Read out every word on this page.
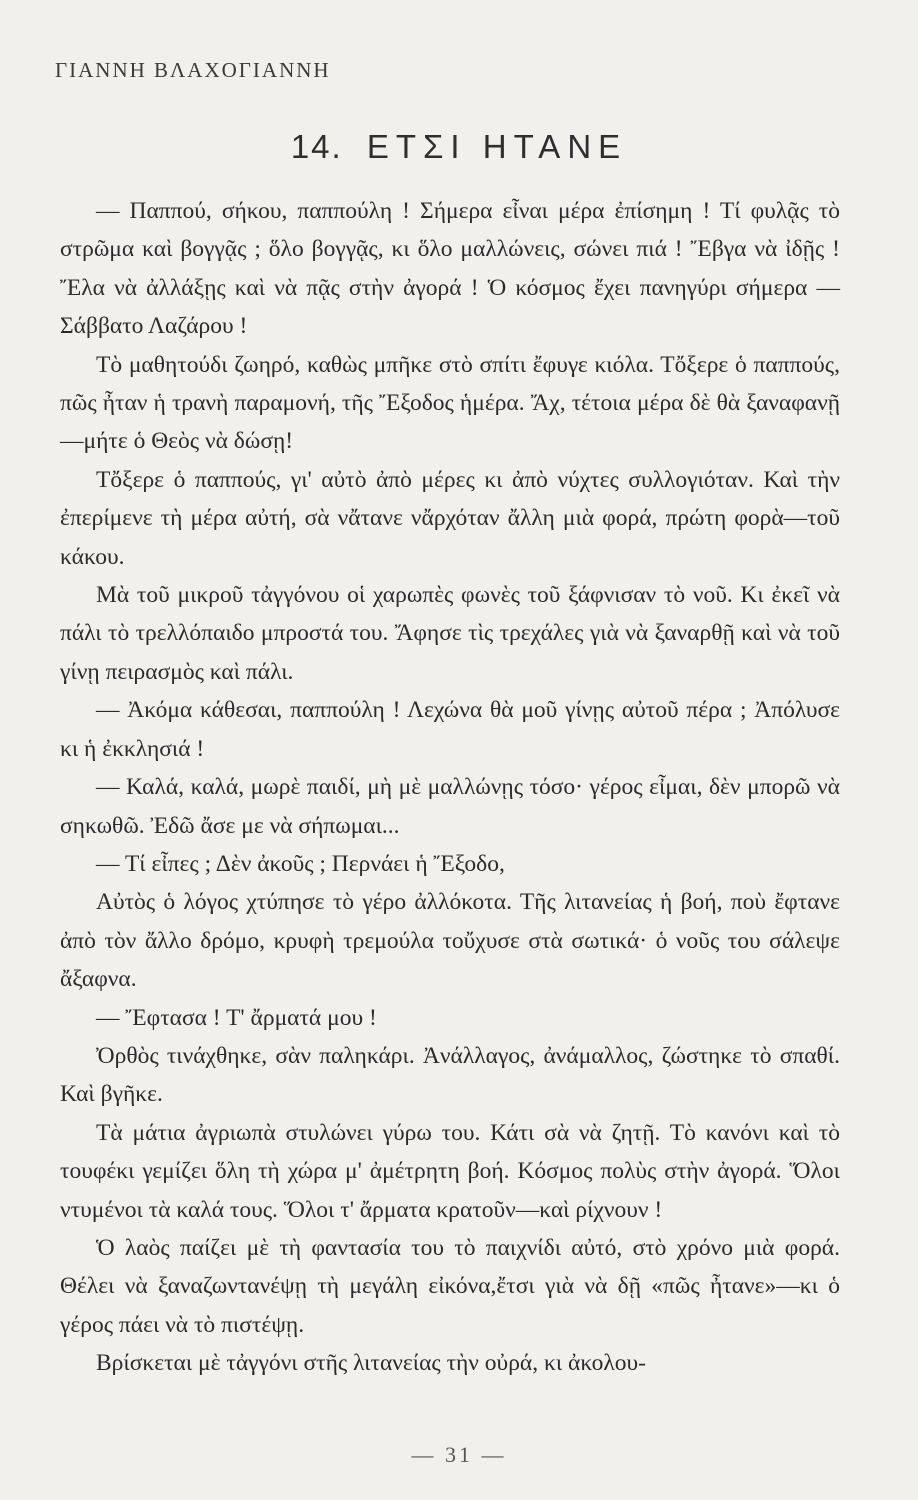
ΓΙΑΝΝΗ ΒΛΑΧΟΓΙΑΝΝΗ
14. ΕΤΣΙ ΗΤΑΝΕ

— Παππού, σήκου, παππούλη ! Σήμερα εἶναι μέρα ἐπίσημη ! Τί φυλᾷς τὸ στρῶμα καὶ βογγᾷς ; ὅλο βογγᾷς, κι ὅλο μαλλώνεις, σώνει πιά ! Ἔβγα νὰ ἰδῇς ! Ἔλα νὰ ἀλλάξῃς καὶ νὰ πᾷς στὴν ἀγορά ! Ὁ κόσμος ἔχει πανηγύρι σήμερα — Σάββατο Λαζάρου !

Τὸ μαθητούδι ζωηρό, καθὼς μπῆκε στὸ σπίτι ἔφυγε κιόλα. Τὄξερε ὁ παππούς, πῶς ἦταν ἡ τρανὴ παραμονή, τῆς Ἔξοδος ἡμέρα. Ἄχ, τέτοια μέρα δὲ θὰ ξαναφανῇ—μήτε ὁ Θεὸς νὰ δώσῃ!

Τὄξερε ὁ παππούς, γι' αὐτὸ ἀπὸ μέρες κι ἀπὸ νύχτες συλλογιόταν. Καὶ τὴν ἐπερίμενε τὴ μέρα αὐτή, σὰ νἄτανε νἄρχόταν ἄλλη μιὰ φορά, πρώτη φορὰ—τοῦ κάκου.

Μὰ τοῦ μικροῦ τἀγγόνου οἱ χαρωπὲς φωνὲς τοῦ ξάφνισαν τὸ νοῦ. Κι ἐκεῖ νὰ πάλι τὸ τρελλόπαιδο μπροστά του. Ἄφησε τὶς τρεχάλες γιὰ νὰ ξαναρθῇ καὶ νὰ τοῦ γίνῃ πειρασμὸς καὶ πάλι.

— Ἀκόμα κάθεσαι, παππούλη ! Λεχώνα θὰ μοῦ γίνῃς αὐτοῦ πέρα ; Ἀπόλυσε κι ἡ ἐκκλησιά !

— Καλά, καλά, μωρὲ παιδί, μὴ μὲ μαλλώνῃς τόσο· γέρος εἶμαι, δὲν μπορῶ νὰ σηκωθῶ. Ἐδῶ ἄσε με νὰ σήπωμαι...

— Τί εἶπες ; Δὲν ἀκοῦς ; Περνάει ἡ Ἔξοδο,

Αὐτὸς ὁ λόγος χτύπησε τὸ γέρο ἀλλόκοτα. Τῆς λιτανείας ἡ βοή, ποὺ ἔφτανε ἀπὸ τὸν ἄλλο δρόμο, κρυφὴ τρεμούλα τοὔχυσε στὰ σωτικά· ὁ νοῦς του σάλεψε ἄξαφνα.

— Ἔφτασα ! Τ' ἄρματά μου !

Ὀρθὸς τινάχθηκε, σὰν παληκάρι. Ἀνάλλαγος, ἀνάμαλλος, ζώστηκε τὸ σπαθί. Καὶ βγῆκε.

Τὰ μάτια ἀγριωπὰ στυλώνει γύρω του. Κάτι σὰ νὰ ζητῇ. Τὸ κανόνι καὶ τὸ τουφέκι γεμίζει ὅλη τὴ χώρα μ' ἀμέτρητη βοή. Κόσμος πολὺς στὴν ἀγορά. Ὅλοι ντυμένοι τὰ καλά τους. Ὅλοι τ' ἄρματα κρατοῦν—καὶ ρίχνουν !

Ὁ λαὸς παίζει μὲ τὴ φαντασία του τὸ παιχνίδι αὐτό, στὸ χρόνο μιὰ φορά. Θέλει νὰ ξαναζωντανέψῃ τὴ μεγάλη εἰκόνα,ἔτσι γιὰ νὰ δῇ «πῶς ἦτανε»—κι ὁ γέρος πάει νὰ τὸ πιστέψῃ.

Βρίσκεται μὲ τἀγγόνι στῆς λιτανείας τὴν οὐρά, κι ἀκολου-

— 31 —
